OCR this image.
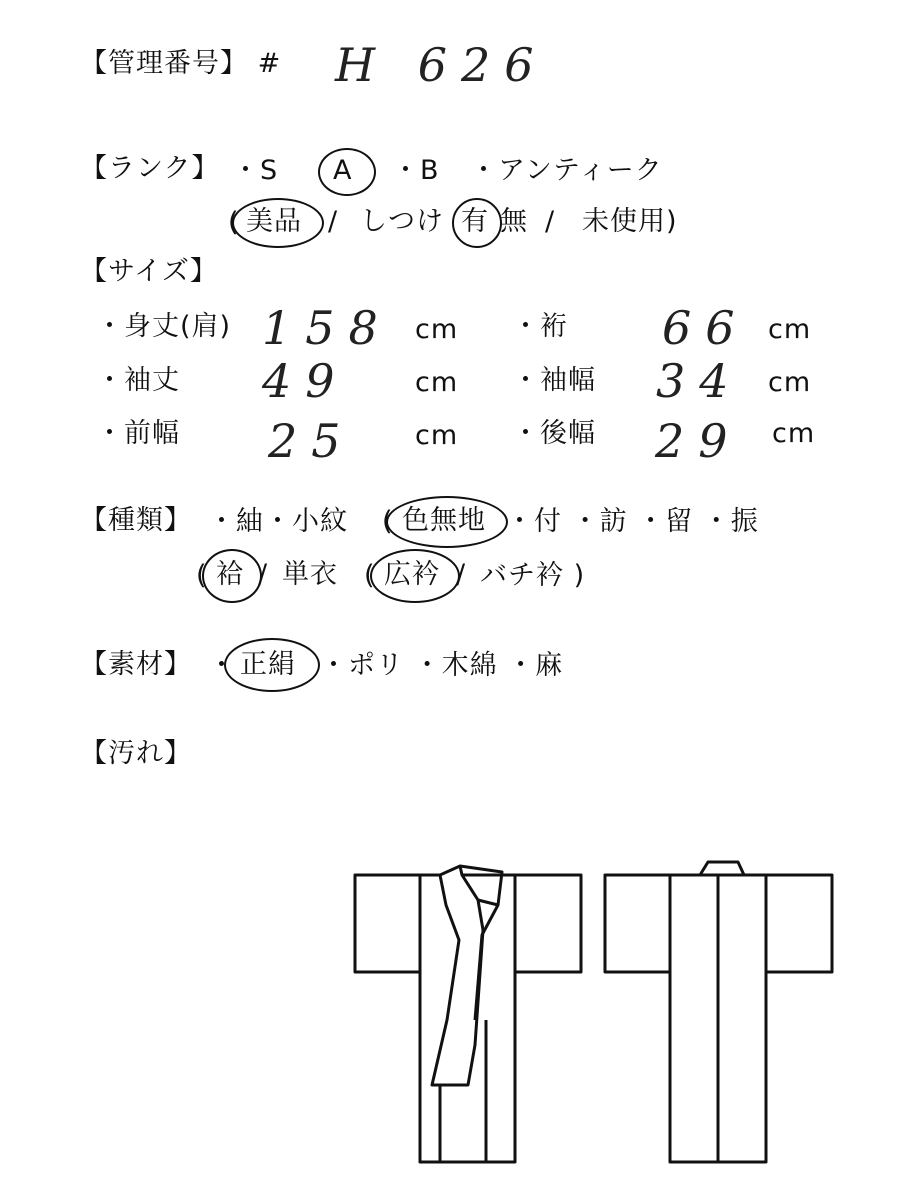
【管理番号】 # H 626
【ランク】 ・S A ・B ・アンティーク
( 美品 / しつけ 有 無 / 未使用)
【サイズ】
・身丈(肩) 158 cm ・裄 66 cm
・袖丈 49 cm ・袖幅 34 cm
・前幅 25 cm ・後幅 29 cm
【種類】 ・紬・小紋 ( 色無地 ・付 ・訪 ・留 ・振
( 袷 / 単衣 ( 広衿 / バチ衿 )
【素材】 ・ 正絹 ・ポリ ・木綿 ・麻
【汚れ】
